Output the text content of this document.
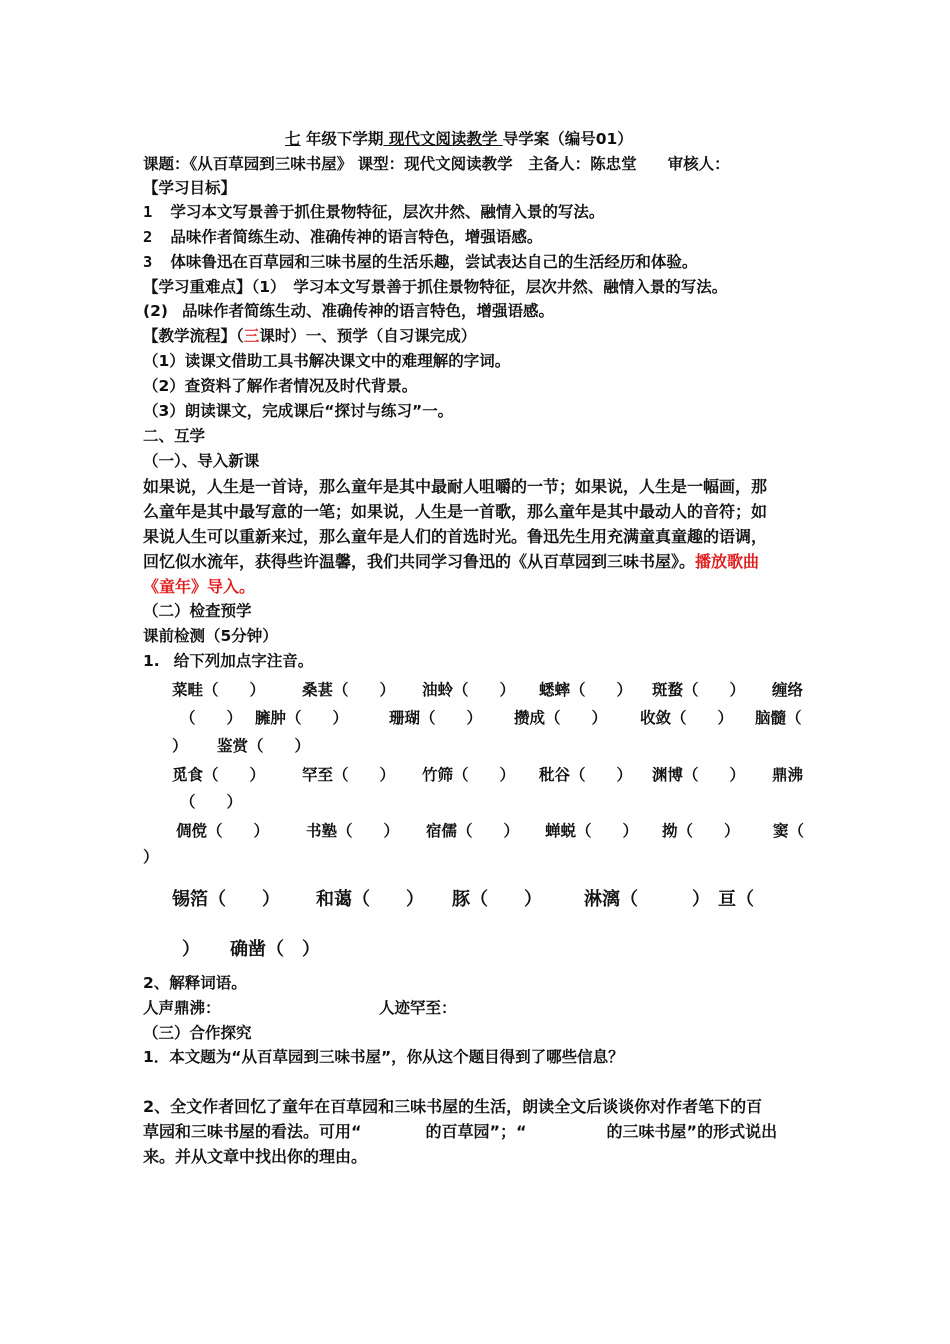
七 年级下学期 现代文阅读教学 导学案（编号01）
课题：《从百草园到三味书屋》 课型：现代文阅读教学　主备人：陈忠堂　　审核人：
【学习目标】
1 学习本文写景善于抓住景物特征，层次井然、融情入景的写法。
2 品味作者简练生动、准确传神的语言特色，增强语感。
3 体味鲁迅在百草园和三味书屋的生活乐趣，尝试表达自己的生活经历和体验。
【学习重难点】（1）　学习本文写景善于抓住景物特征，层次井然、融情入景的写法。
(2) 品味作者简练生动、准确传神的语言特色，增强语感。
【教学流程】（三课时）一、预学（自习课完成）
（1）读课文借助工具书解决课文中的难理解的字词。
（2）查资料了解作者情况及时代背景。
（3）朗读课文，完成课后“探讨与练习”一。
二、互学
（一）、导入新课
如果说，人生是一首诗，那么童年是其中最耐人咀嚼的一节；如果说，人生是一幅画，那
么童年是其中最写意的一笔；如果说，人生是一首歌，那么童年是其中最动人的音符；如
果说人生可以重新来过，那么童年是人们的首选时光。鲁迅先生用充满童真童趣的语调，
回忆似水流年，获得些许温馨，我们共同学习鲁迅的《从百草园到三味书屋》。播放歌曲
《童年》导入。
（二）检查预学
课前检测（5分钟）
1. 给下列加点字注音。
菜畦（　　） 桑葚（　　） 油蛉（　　） 蟋蟀（　　） 斑蝥（　　） 缠络
（　　） 臃肿（　　）	珊瑚（　　） 攒成（　　） 收敛（　　） 脑髓（
） 鉴赏（　　）
觅食（　　） 罕至（　　） 竹筛（　　） 秕谷（　　） 渊博（　　） 鼎沸
（　　）
倜傥（　　） 书塾（　　） 宿儒（　　） 蝉蜕（　　） 拗（　　） 窦（
）
锡箔（　　） 和蔼（　　） 豚（　　） 淋漓（　　　） 亘（
） 确凿（　）
2、解释词语。
人声鼎沸：	人迹罕至：
（三）合作探究
1．本文题为“从百草园到三味书屋”，你从这个题目得到了哪些信息？
2、全文作者回忆了童年在百草园和三味书屋的生活，朗读全文后谈谈你对作者笔下的百
草园和三味书屋的看法。可用“　　　　的百草园”；“　　　　　的三味书屋”的形式说出
来。并从文章中找出你的理由。
